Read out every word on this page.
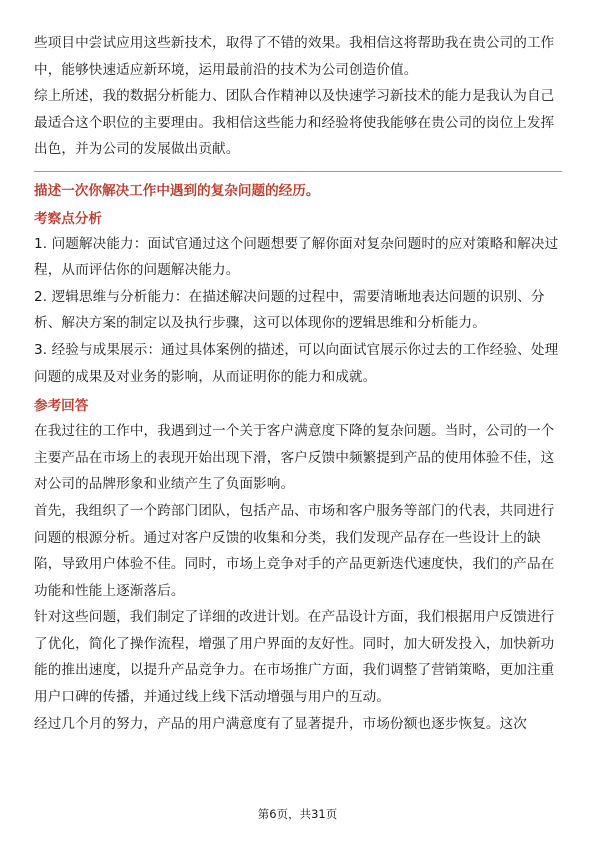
些项目中尝试应用这些新技术，取得了不错的效果。我相信这将帮助我在贵公司的工作中，能够快速适应新环境，运用最前沿的技术为公司创造价值。

综上所述，我的数据分析能力、团队合作精神以及快速学习新技术的能力是我认为自己最适合这个职位的主要理由。我相信这些能力和经验将使我能够在贵公司的岗位上发挥出色，并为公司的发展做出贡献。

描述一次你解决工作中遇到的复杂问题的经历。
考察点分析

1. 问题解决能力：面试官通过这个问题想要了解你面对复杂问题时的应对策略和解决过程，从而评估你的问题解决能力。

2. 逻辑思维与分析能力：在描述解决问题的过程中，需要清晰地表达问题的识别、分析、解决方案的制定以及执行步骤，这可以体现你的逻辑思维和分析能力。

3. 经验与成果展示：通过具体案例的描述，可以向面试官展示你过去的工作经验、处理问题的成果及对业务的影响，从而证明你的能力和成就。

参考回答

在我过往的工作中，我遇到过一个关于客户满意度下降的复杂问题。当时，公司的一个主要产品在市场上的表现开始出现下滑，客户反馈中频繁提到产品的使用体验不佳，这对公司的品牌形象和业绩产生了负面影响。

首先，我组织了一个跨部门团队，包括产品、市场和客户服务等部门的代表，共同进行问题的根源分析。通过对客户反馈的收集和分类，我们发现产品存在一些设计上的缺陷，导致用户体验不佳。同时，市场上竞争对手的产品更新迭代速度快，我们的产品在功能和性能上逐渐落后。

针对这些问题，我们制定了详细的改进计划。在产品设计方面，我们根据用户反馈进行了优化，简化了操作流程，增强了用户界面的友好性。同时，加大研发投入，加快新功能的推出速度，以提升产品竞争力。在市场推广方面，我们调整了营销策略，更加注重用户口碑的传播，并通过线上线下活动增强与用户的互动。

经过几个月的努力，产品的用户满意度有了显著提升，市场份额也逐步恢复。这次

第6页，共31页
